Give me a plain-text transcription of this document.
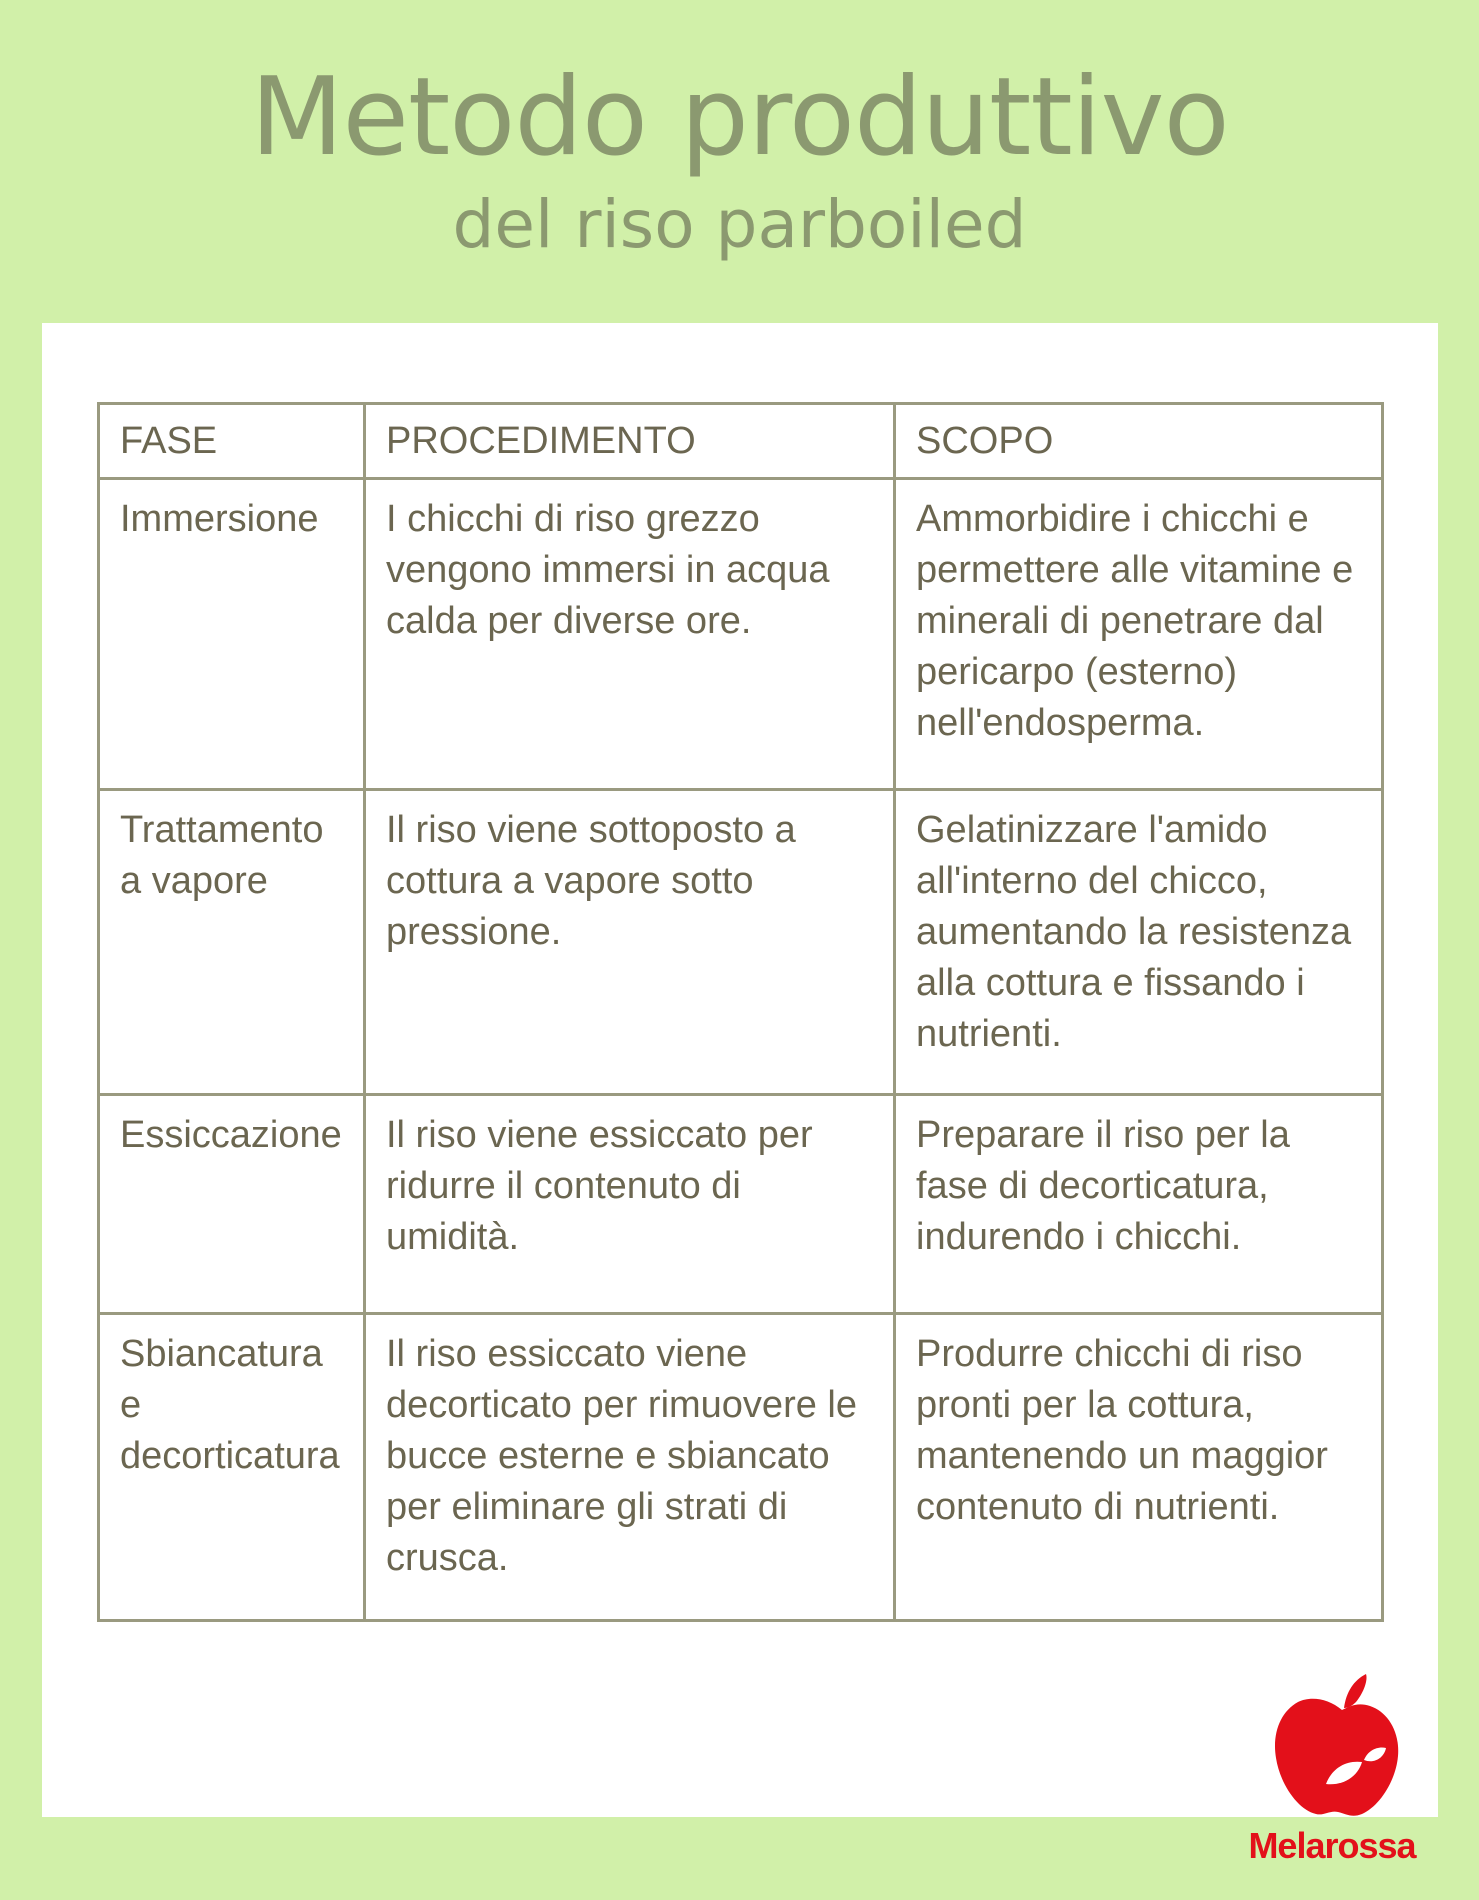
Metodo produttivo
del riso parboiled
FASE	PROCEDIMENTO	SCOPO
Immersione	I chicchi di riso grezzo vengono immersi in acqua calda per diverse ore.	Ammorbidire i chicchi e permettere alle vitamine e minerali di penetrare dal pericarpo (esterno) nell'endosperma.
Trattamento a vapore	Il riso viene sottoposto a cottura a vapore sotto pressione.	Gelatinizzare l'amido all'interno del chicco, aumentando la resistenza alla cottura e fissando i nutrienti.
Essiccazione	Il riso viene essiccato per ridurre il contenuto di umidità.	Preparare il riso per la fase di decorticatura, indurendo i chicchi.
Sbiancatura e decorticatura	Il riso essiccato viene decorticato per rimuovere le bucce esterne e sbiancato per eliminare gli strati di crusca.	Produrre chicchi di riso pronti per la cottura, mantenendo un maggior contenuto di nutrienti.
Melarossa
